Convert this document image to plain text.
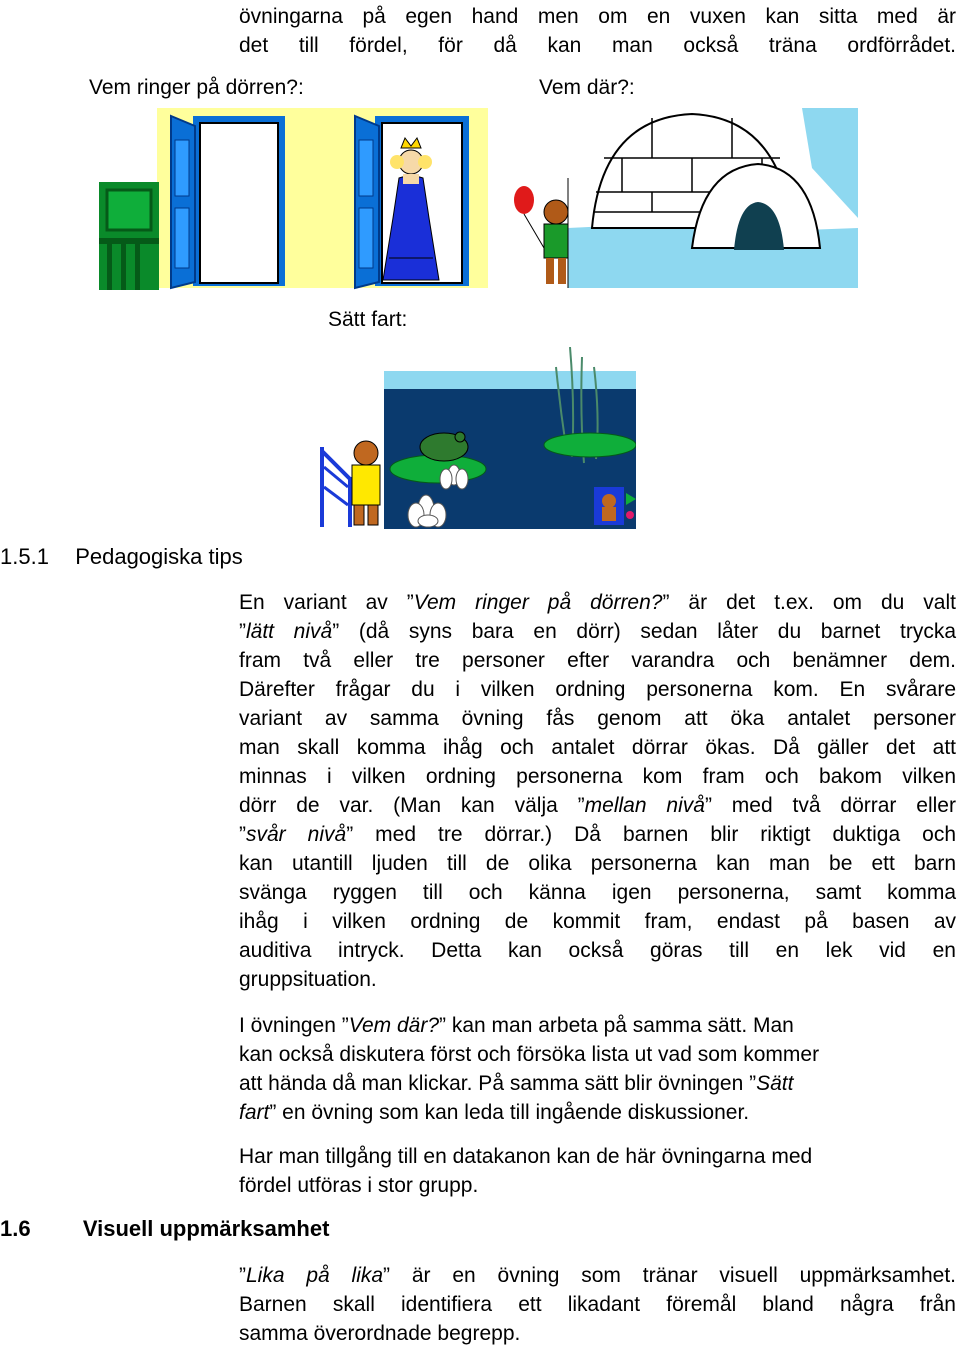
övningarna på egen hand men om en vuxen kan sitta med är
det till fördel, för då kan man också träna ordförrådet.
Vem ringer på dörren?:	Vem där?:
Sätt fart:
1.5.1 Pedagogiska tips
En variant av ”Vem ringer på dörren?” är det t.ex. om du valt
”lätt nivå” (då syns bara en dörr) sedan låter du barnet trycka
fram två eller tre personer efter varandra och benämner dem.
Därefter frågar du i vilken ordning personerna kom. En svårare
variant av samma övning fås genom att öka antalet personer
man skall komma ihåg och antalet dörrar ökas. Då gäller det att
minnas i vilken ordning personerna kom fram och bakom vilken
dörr de var. (Man kan välja ”mellan nivå” med två dörrar eller
”svår nivå” med tre dörrar.) Då barnen blir riktigt duktiga och
kan utantill ljuden till de olika personerna kan man be ett barn
svänga ryggen till och känna igen personerna, samt komma
ihåg i vilken ordning de kommit fram, endast på basen av
auditiva intryck. Detta kan också göras till en lek vid en
gruppsituation.
I övningen ”Vem där?” kan man arbeta på samma sätt. Man
kan också diskutera först och försöka lista ut vad som kommer
att hända då man klickar. På samma sätt blir övningen ”Sätt
fart” en övning som kan leda till ingående diskussioner.
Har man tillgång till en datakanon kan de här övningarna med
fördel utföras i stor grupp.
1.6 Visuell uppmärksamhet
”Lika på lika” är en övning som tränar visuell uppmärksamhet.
Barnen skall identifiera ett likadant föremål bland några från
samma överordnade begrepp.
